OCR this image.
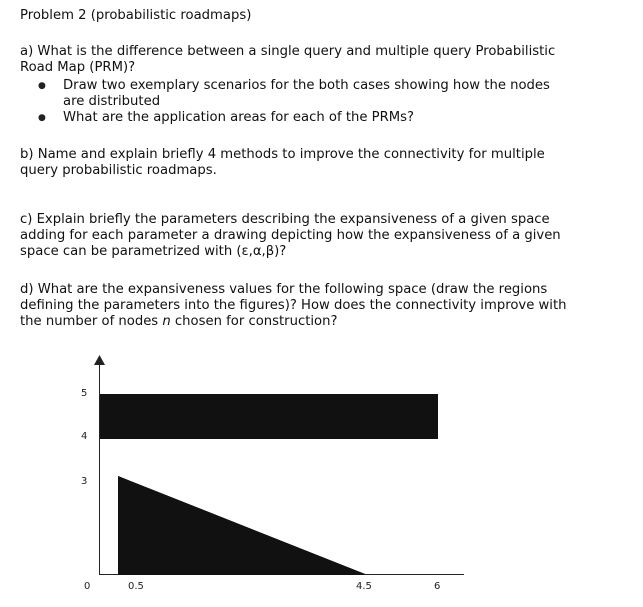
Problem 2 (probabilistic roadmaps)
a) What is the difference between a single query and multiple query Probabilistic
Road Map (PRM)?
● Draw two exemplary scenarios for the both cases showing how the nodes
are distributed
● What are the application areas for each of the PRMs?
b) Name and explain briefly 4 methods to improve the connectivity for multiple
query probabilistic roadmaps.
c) Explain briefly the parameters describing the expansiveness of a given space
adding for each parameter a drawing depicting how the expansiveness of a given
space can be parametrized with (ε,α,β)?
d) What are the expansiveness values for the following space (draw the regions
defining the parameters into the figures)? How does the connectivity improve with
the number of nodes n chosen for construction?
5
4
3
0	0.5	4.5	6
